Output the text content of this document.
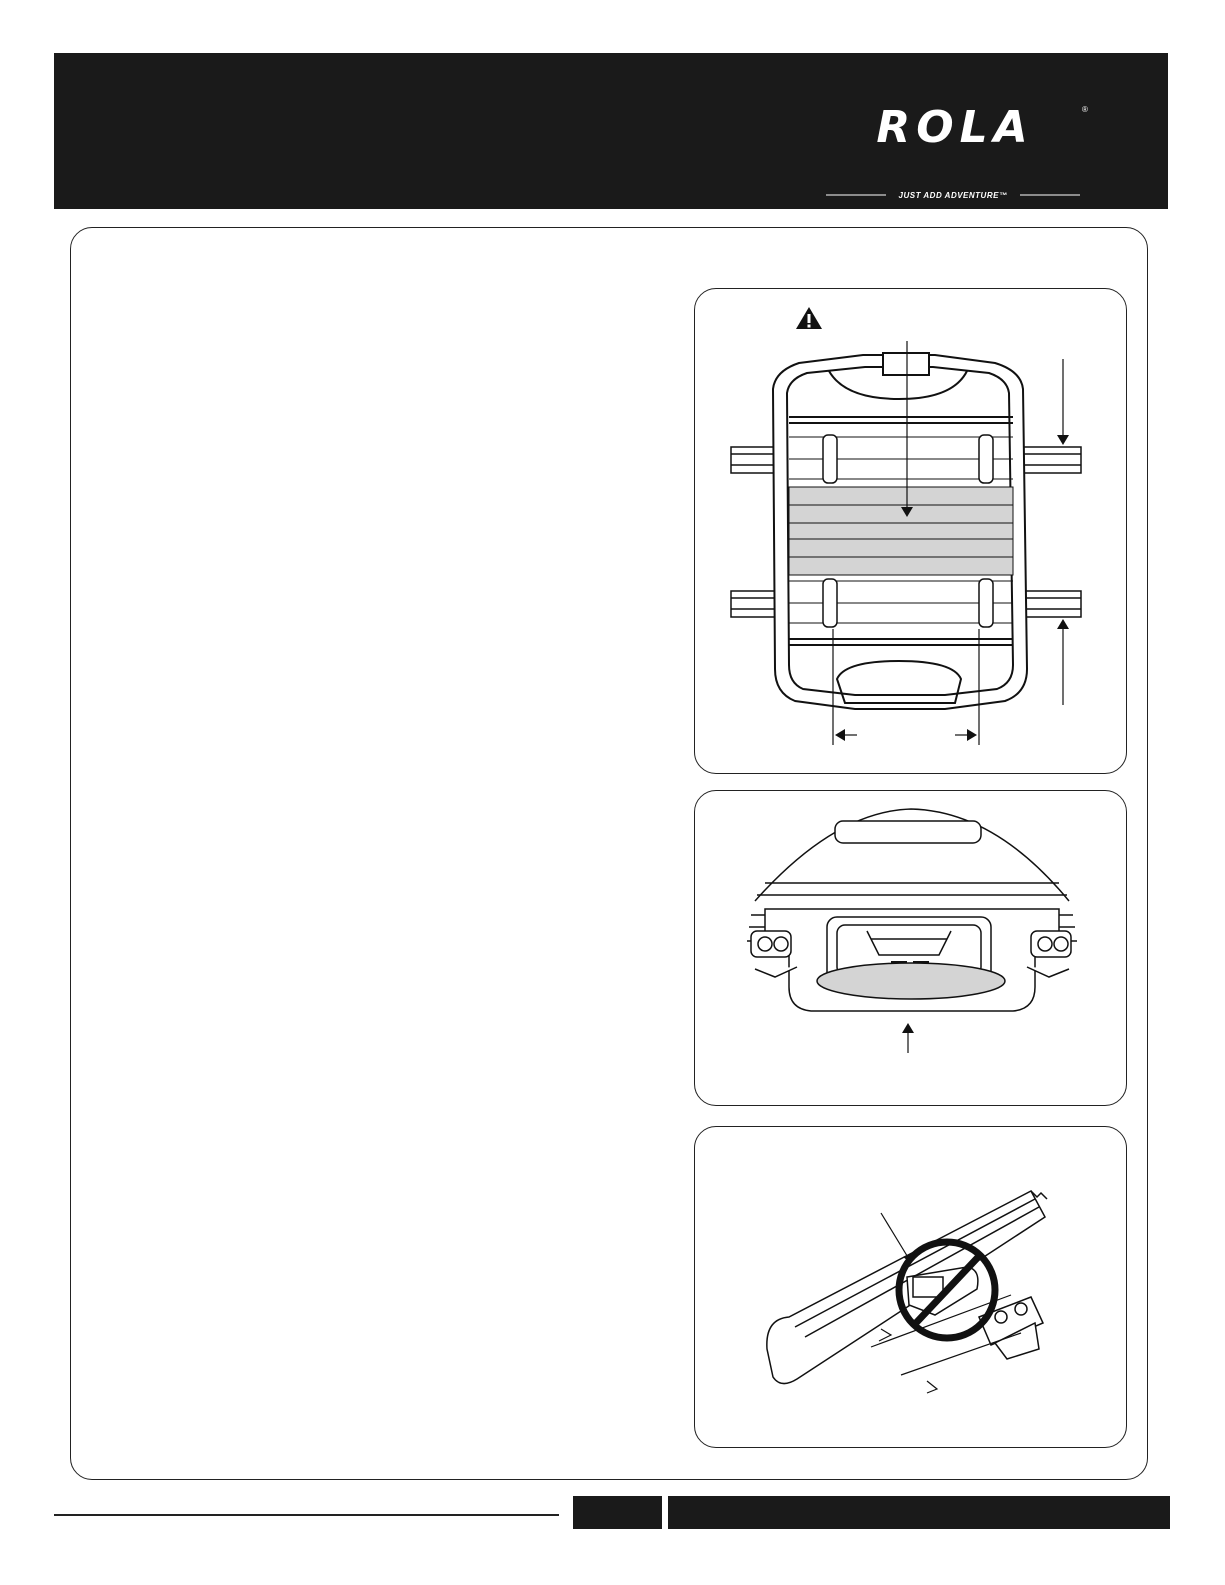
ROLA	®
JUST ADD ADVENTURE™
